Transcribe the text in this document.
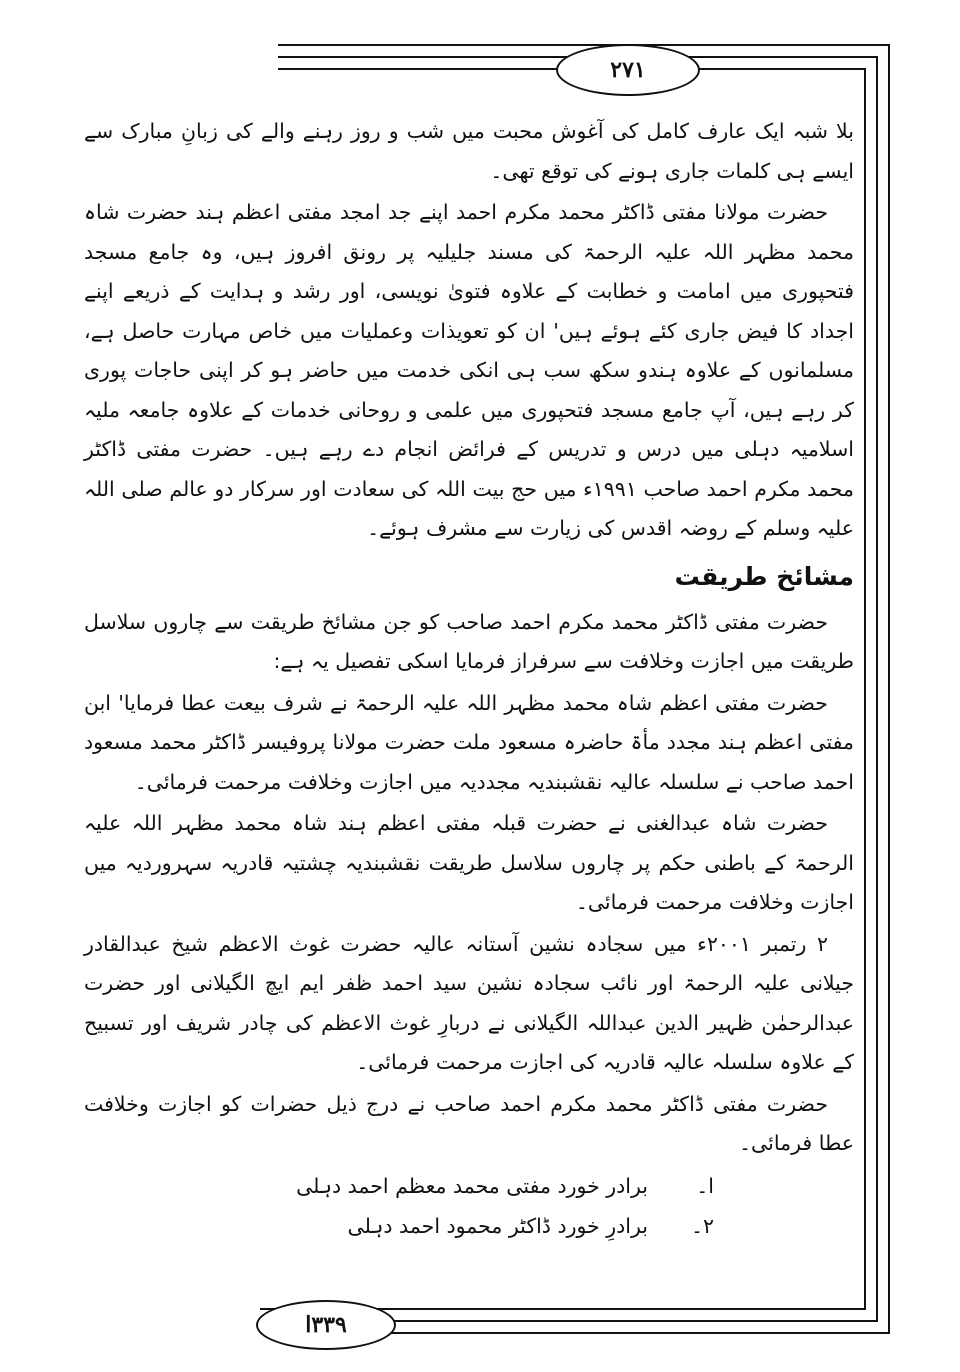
۲۷۱

بلا شبہ ایک عارف کامل کی آغوش محبت میں شب و روز رہنے والے کی زبانِ مبارک سے ایسے ہی کلمات جاری ہونے کی توقع تھی۔

حضرت مولانا مفتی ڈاکٹر محمد مکرم احمد اپنے جد امجد مفتی اعظم ہند حضرت شاہ محمد مظہر اللہ علیہ الرحمۃ کی مسند جلیلیہ پر رونق افروز ہیں، وہ جامع مسجد فتحپوری میں امامت و خطابت کے علاوہ فتویٰ نویسی، اور رشد و ہدایت کے ذریعے اپنے اجداد کا فیض جاری کئے ہوئے ہیں' ان کو تعویذات وعملیات میں خاص مہارت حاصل ہے، مسلمانوں کے علاوہ ہندو سکھ سب ہی انکی خدمت میں حاضر ہو کر اپنی حاجات پوری کر رہے ہیں، آپ جامع مسجد فتحپوری میں علمی و روحانی خدمات کے علاوہ جامعہ ملیہ اسلامیہ دہلی میں درس و تدریس کے فرائض انجام دے رہے ہیں۔ حضرت مفتی ڈاکٹر محمد مکرم احمد صاحب ۱۹۹۱ء میں حج بیت اللہ کی سعادت اور سرکار دو عالم صلی اللہ علیہ وسلم کے روضہ اقدس کی زیارت سے مشرف ہوئے۔

مشائخ طریقت

حضرت مفتی ڈاکٹر محمد مکرم احمد صاحب کو جن مشائخ طریقت سے چاروں سلاسل طریقت میں اجازت وخلافت سے سرفراز فرمایا اسکی تفصیل یہ ہے:

حضرت مفتی اعظم شاہ محمد مظہر اللہ علیہ الرحمۃ نے شرف بیعت عطا فرمایا' ابن مفتی اعظم ہند مجدد مأۃ حاضرہ مسعود ملت حضرت مولانا پروفیسر ڈاکٹر محمد مسعود احمد صاحب نے سلسلہ عالیہ نقشبندیہ مجددیہ میں اجازت وخلافت مرحمت فرمائی۔

حضرت شاہ عبدالغنی نے حضرت قبلہ مفتی اعظم ہند شاہ محمد مظہر اللہ علیہ الرحمۃ کے باطنی حکم پر چاروں سلاسل طریقت نقشبندیہ چشتیہ قادریہ سہروردیہ میں اجازت وخلافت مرحمت فرمائی۔

۲ رتمبر ۲۰۰۱ء میں سجادہ نشین آستانہ عالیہ حضرت غوث الاعظم شیخ عبدالقادر جیلانی علیہ الرحمۃ اور نائب سجادہ نشین سید احمد ظفر ایم ایچ الگیلانی اور حضرت عبدالرحمٰن ظہیر الدین عبداللہ الگیلانی نے دربارِ غوث الاعظم کی چادر شریف اور تسبیح کے علاوہ سلسلہ عالیہ قادریہ کی اجازت مرحمت فرمائی۔

حضرت مفتی ڈاکٹر محمد مکرم احمد صاحب نے درج ذیل حضرات کو اجازت وخلافت عطا فرمائی۔

ا۔
برادر خورد مفتی محمد معظم احمد دہلی
۲۔
برادرِ خورد ڈاکٹر محمود احمد دہلی
۳۳۹ا
